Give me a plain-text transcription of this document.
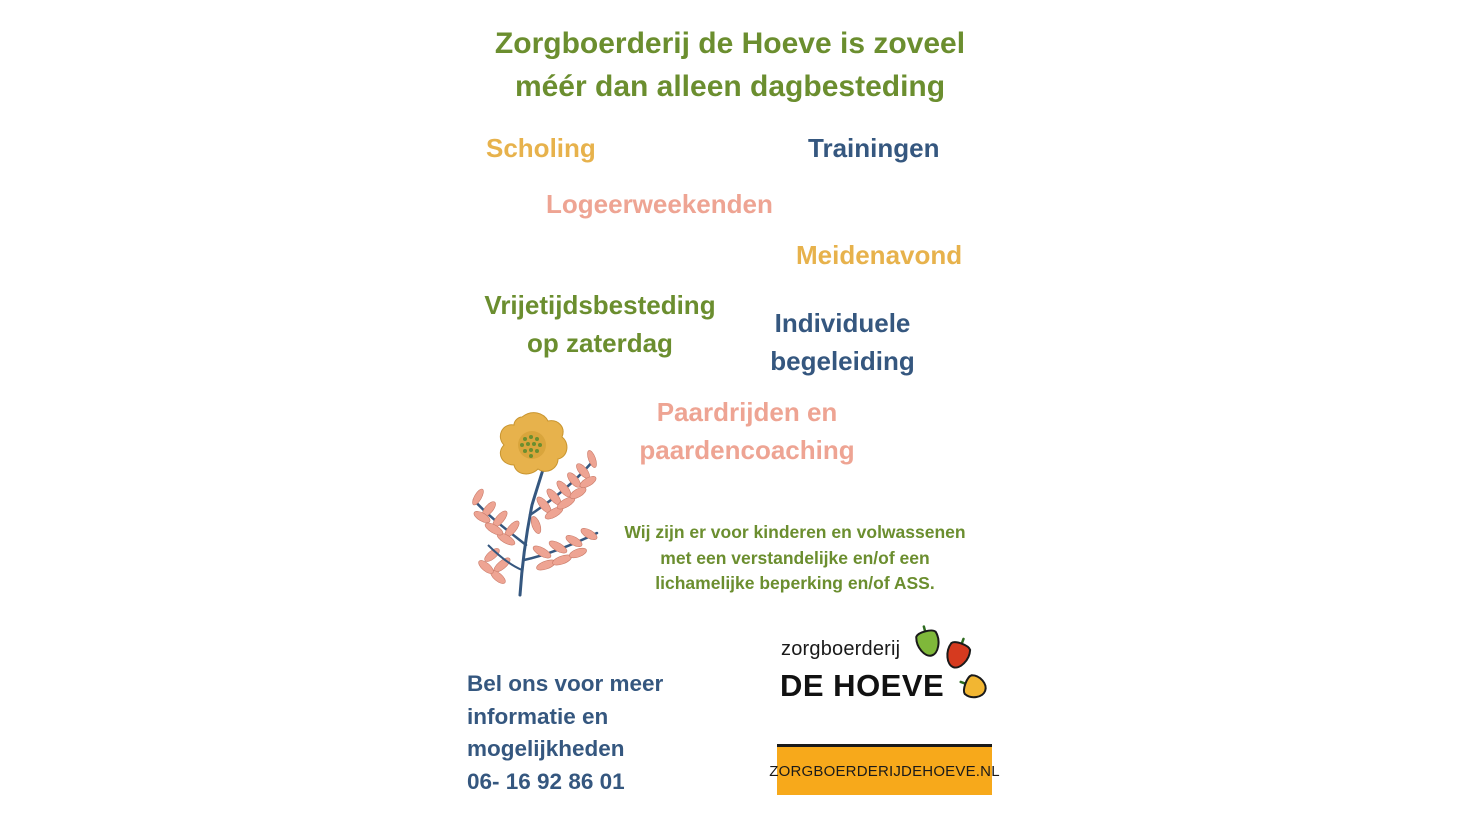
Zorgboerderij de Hoeve is zoveel
méér dan alleen dagbesteding
Scholing	Trainingen
Logeerweekenden
Meidenavond
Vrijetijdsbesteding
op zaterdag
Individuele
begeleiding
Paardrijden en
paardencoaching
Wij zijn er voor kinderen en volwassenen
met een verstandelijke en/of een
lichamelijke beperking en/of ASS.
Bel ons voor meer
informatie en
mogelijkheden
06- 16 92 86 01
zorgboerderij
DE HOEVE
ZORGBOERDERIJDEHOEVE.NL
